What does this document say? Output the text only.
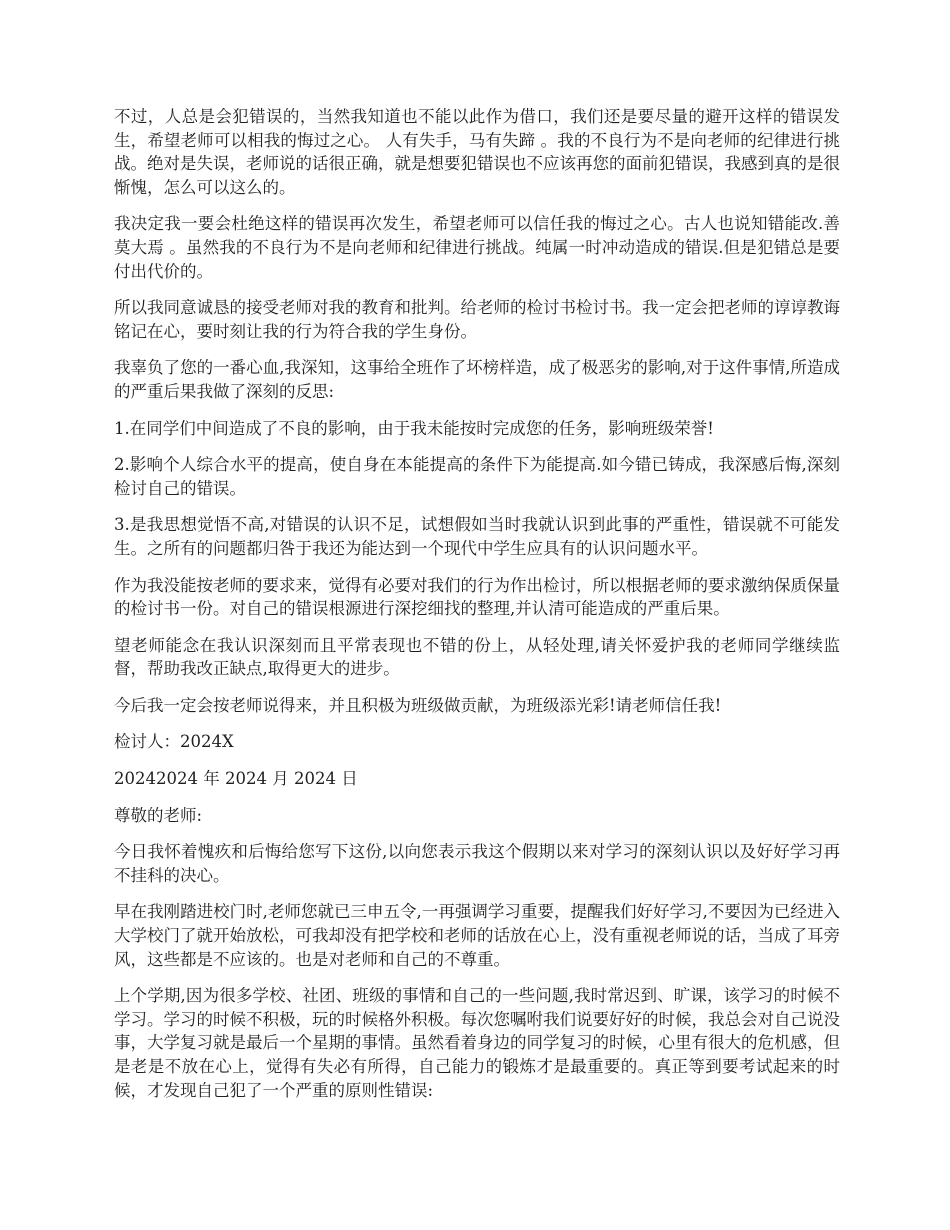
不过，人总是会犯错误的，当然我知道也不能以此作为借口，我们还是要尽量的避开这样的错误发生，希望老师可以相我的悔过之心。 人有失手，马有失蹄 。我的不良行为不是向老师的纪律进行挑战。绝对是失误，老师说的话很正确，就是想要犯错误也不应该再您的面前犯错误，我感到真的是很惭愧，怎么可以这么的。

我决定我一要会杜绝这样的错误再次发生，希望老师可以信任我的悔过之心。古人也说知错能改.善莫大焉 。虽然我的不良行为不是向老师和纪律进行挑战。纯属一时冲动造成的错误.但是犯错总是要付出代价的。

所以我同意诚恳的接受老师对我的教育和批判。给老师的检讨书检讨书。我一定会把老师的谆谆教诲铭记在心，要时刻让我的行为符合我的学生身份。

我辜负了您的一番心血,我深知，这事给全班作了坏榜样造，成了极恶劣的影响,对于这件事情,所造成的严重后果我做了深刻的反思:

1.在同学们中间造成了不良的影响，由于我未能按时完成您的任务，影响班级荣誉!

2.影响个人综合水平的提高，使自身在本能提高的条件下为能提高.如今错已铸成，我深感后悔,深刻检讨自己的错误。

3.是我思想觉悟不高,对错误的认识不足，试想假如当时我就认识到此事的严重性，错误就不可能发生。之所有的问题都归咎于我还为能达到一个现代中学生应具有的认识问题水平。

作为我没能按老师的要求来，觉得有必要对我们的行为作出检讨，所以根据老师的要求激纳保质保量的检讨书一份。对自己的错误根源进行深挖细找的整理,并认清可能造成的严重后果。

望老师能念在我认识深刻而且平常表现也不错的份上，从轻处理,请关怀爱护我的老师同学继续监督，帮助我改正缺点,取得更大的进步。

今后我一定会按老师说得来，并且积极为班级做贡献，为班级添光彩!请老师信任我!

检讨人：2024X

20242024 年 2024 月 2024 日

尊敬的老师:

今日我怀着愧疚和后悔给您写下这份,以向您表示我这个假期以来对学习的深刻认识以及好好学习再不挂科的决心。

早在我刚踏进校门时,老师您就已三申五令,一再强调学习重要，提醒我们好好学习,不要因为已经进入大学校门了就开始放松，可我却没有把学校和老师的话放在心上，没有重视老师说的话，当成了耳旁风，这些都是不应该的。也是对老师和自己的不尊重。

上个学期,因为很多学校、社团、班级的事情和自己的一些问题,我时常迟到、旷课，该学习的时候不学习。学习的时候不积极，玩的时候格外积极。每次您嘱咐我们说要好好的时候，我总会对自己说没事，大学复习就是最后一个星期的事情。虽然看着身边的同学复习的时候，心里有很大的危机感，但是老是不放在心上，觉得有失必有所得，自己能力的锻炼才是最重要的。真正等到要考试起来的时候，才发现自己犯了一个严重的原则性错误:
